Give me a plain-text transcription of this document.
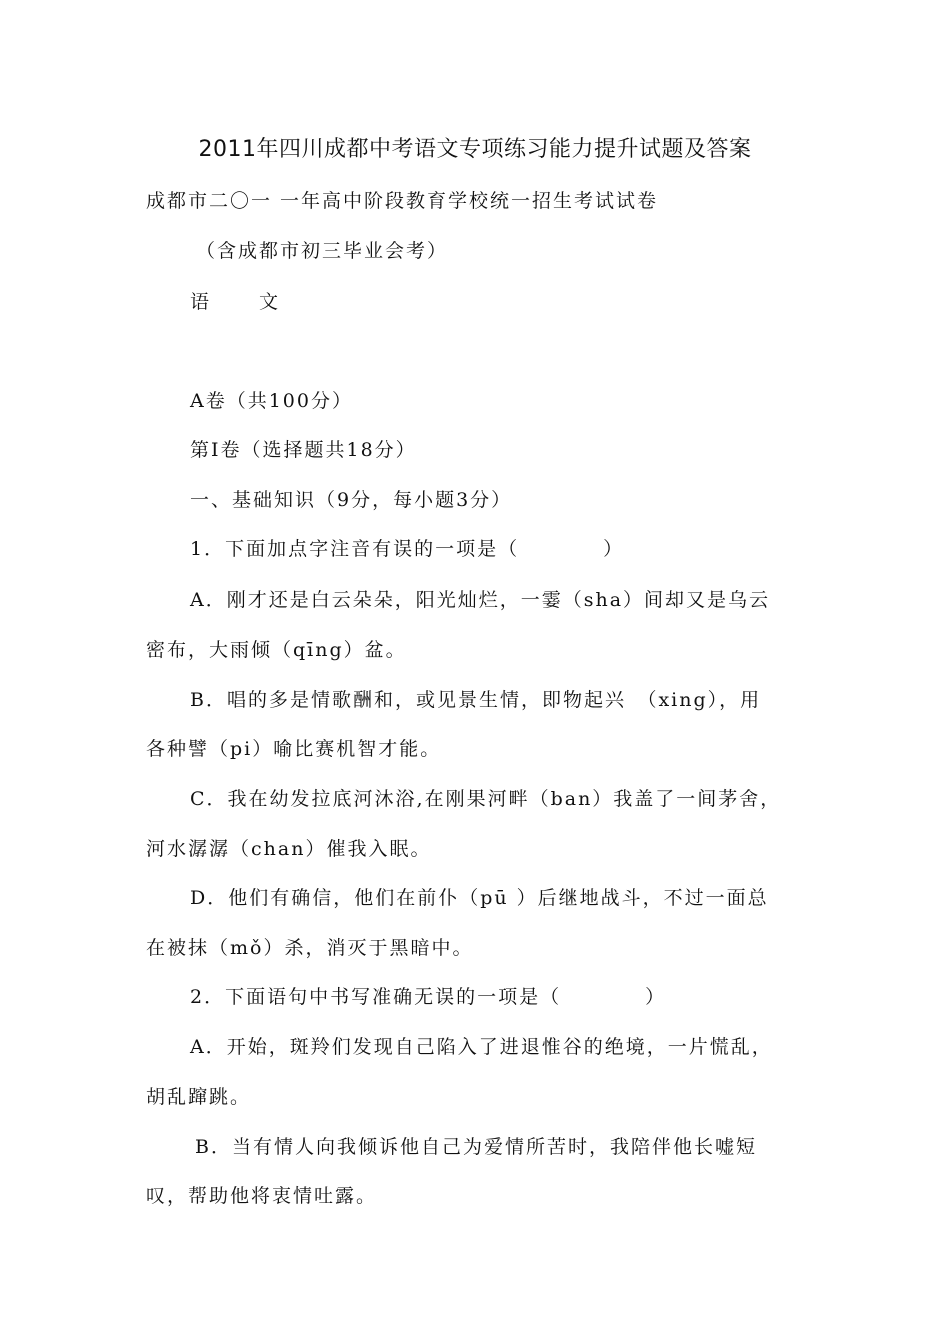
2011年四川成都中考语文专项练习能力提升试题及答案
成都市二〇一 一年高中阶段教育学校统一招生考试试卷
（含成都市初三毕业会考）
语	文
A卷（共100分）
第Ⅰ卷（选择题共18分）
一、基础知识（9分，每小题3分）
1．下面加点字注音有误的一项是（　　　　）
A．刚才还是白云朵朵，阳光灿烂，一霎（sha）间却又是乌云
密布，大雨倾（qīng）盆。
B．唱的多是情歌酬和，或见景生情，即物起兴　（xing），用
各种譬（pi）喻比赛机智才能。
C．我在幼发拉底河沐浴,在刚果河畔（ban）我盖了一间茅舍，
河水潺潺（chan）催我入眠。
D．他们有确信，他们在前仆（pū ）后继地战斗，不过一面总
在被抹（mǒ）杀，消灭于黑暗中。
2．下面语句中书写准确无误的一项是（　　　　）
A．开始，斑羚们发现自己陷入了进退惟谷的绝境，一片慌乱，
胡乱蹿跳。
B．当有情人向我倾诉他自己为爱情所苦时，我陪伴他长嘘短
叹，帮助他将衷情吐露。
